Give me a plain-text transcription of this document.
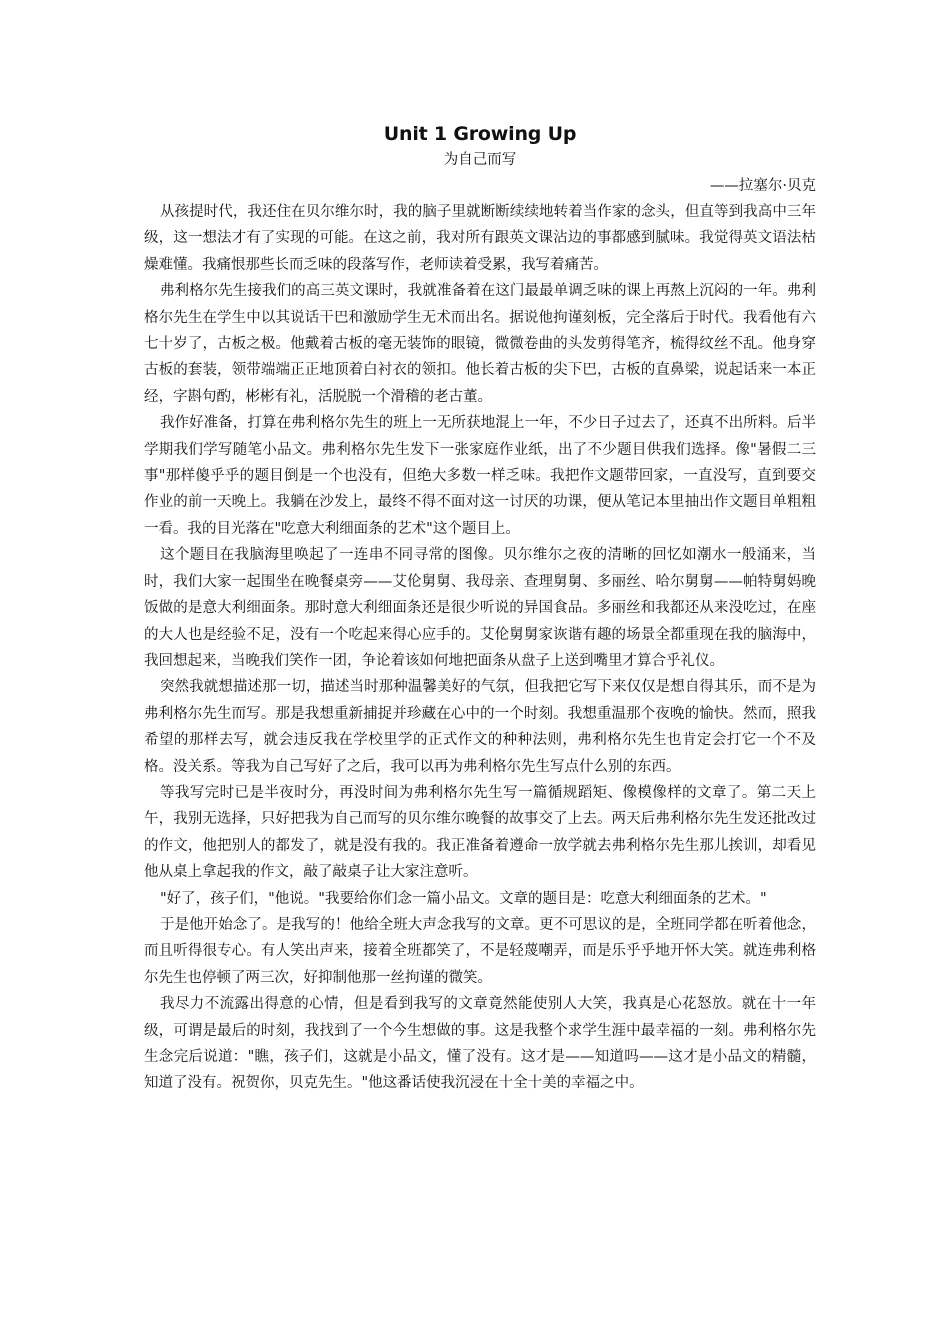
Unit 1 Growing Up

为自己而写

——拉塞尔·贝克

从孩提时代，我还住在贝尔维尔时，我的脑子里就断断续续地转着当作家的念头，但直等到我高中三年级，这一想法才有了实现的可能。在这之前，我对所有跟英文课沾边的事都感到腻味。我觉得英文语法枯燥难懂。我痛恨那些长而乏味的段落写作，老师读着受累，我写着痛苦。

弗利格尔先生接我们的高三英文课时，我就准备着在这门最最单调乏味的课上再熬上沉闷的一年。弗利格尔先生在学生中以其说话干巴和激励学生无术而出名。据说他拘谨刻板，完全落后于时代。我看他有六七十岁了，古板之极。他戴着古板的毫无装饰的眼镜，微微卷曲的头发剪得笔齐，梳得纹丝不乱。他身穿古板的套装，领带端端正正地顶着白衬衣的领扣。他长着古板的尖下巴，古板的直鼻梁，说起话来一本正经，字斟句酌，彬彬有礼，活脱脱一个滑稽的老古董。

我作好准备，打算在弗利格尔先生的班上一无所获地混上一年，不少日子过去了，还真不出所料。后半学期我们学写随笔小品文。弗利格尔先生发下一张家庭作业纸，出了不少题目供我们选择。像"暑假二三事"那样傻乎乎的题目倒是一个也没有，但绝大多数一样乏味。我把作文题带回家，一直没写，直到要交作业的前一天晚上。我躺在沙发上，最终不得不面对这一讨厌的功课，便从笔记本里抽出作文题目单粗粗一看。我的目光落在"吃意大利细面条的艺术"这个题目上。

这个题目在我脑海里唤起了一连串不同寻常的图像。贝尔维尔之夜的清晰的回忆如潮水一般涌来，当时，我们大家一起围坐在晚餐桌旁——艾伦舅舅、我母亲、查理舅舅、多丽丝、哈尔舅舅——帕特舅妈晚饭做的是意大利细面条。那时意大利细面条还是很少听说的异国食品。多丽丝和我都还从来没吃过，在座的大人也是经验不足，没有一个吃起来得心应手的。艾伦舅舅家诙谐有趣的场景全都重现在我的脑海中，我回想起来，当晚我们笑作一团，争论着该如何地把面条从盘子上送到嘴里才算合乎礼仪。

突然我就想描述那一切，描述当时那种温馨美好的气氛，但我把它写下来仅仅是想自得其乐，而不是为弗利格尔先生而写。那是我想重新捕捉并珍藏在心中的一个时刻。我想重温那个夜晚的愉快。然而，照我希望的那样去写，就会违反我在学校里学的正式作文的种种法则，弗利格尔先生也肯定会打它一个不及格。没关系。等我为自己写好了之后，我可以再为弗利格尔先生写点什么别的东西。

等我写完时已是半夜时分，再没时间为弗利格尔先生写一篇循规蹈矩、像模像样的文章了。第二天上午，我别无选择，只好把我为自己而写的贝尔维尔晚餐的故事交了上去。两天后弗利格尔先生发还批改过的作文，他把别人的都发了，就是没有我的。我正准备着遵命一放学就去弗利格尔先生那儿挨训，却看见他从桌上拿起我的作文，敲了敲桌子让大家注意听。

"好了，孩子们，"他说。"我要给你们念一篇小品文。文章的题目是：吃意大利细面条的艺术。"

于是他开始念了。是我写的！他给全班大声念我写的文章。更不可思议的是，全班同学都在听着他念，而且听得很专心。有人笑出声来，接着全班都笑了，不是轻蔑嘲弄，而是乐乎乎地开怀大笑。就连弗利格尔先生也停顿了两三次，好抑制他那一丝拘谨的微笑。

我尽力不流露出得意的心情，但是看到我写的文章竟然能使别人大笑，我真是心花怒放。就在十一年级，可谓是最后的时刻，我找到了一个今生想做的事。这是我整个求学生涯中最幸福的一刻。弗利格尔先生念完后说道："瞧，孩子们，这就是小品文，懂了没有。这才是——知道吗——这才是小品文的精髓，知道了没有。祝贺你，贝克先生。"他这番话使我沉浸在十全十美的幸福之中。
